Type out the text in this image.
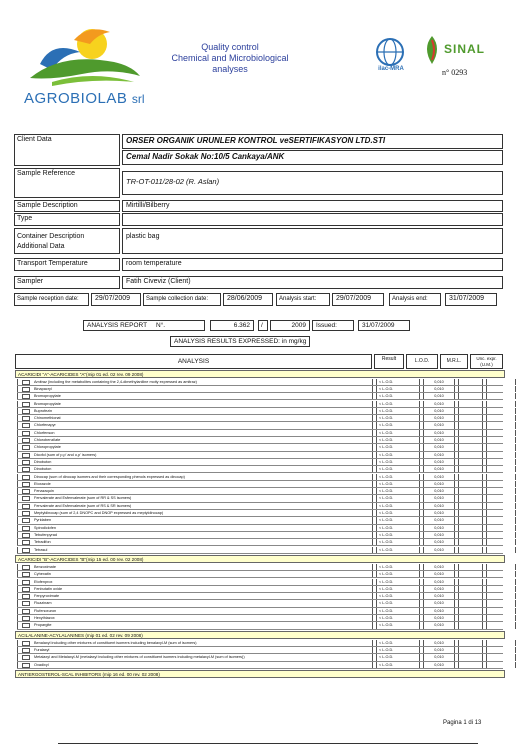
AGROBIOLAB srl
Quality control
Chemical and Microbiological
analyses	ilac-MRA
SINAL
n° 0293
Client Data	ORSER ORGANIK URUNLER KONTROL veSERTIFIKASYON LTD.STI
Cemal Nadir Sokak No:10/5 Cankaya/ANK
Sample Reference
TR-OT-011/28-02 (R. Aslan)
Sample Description	Mirtilli/Bilberry
Type
Container Description
Additional Data
plastic bag
Transport Temperature	room temperature
Sampler	Fatih Civeviz (Client)
Sample reception date:	29/07/2009	Sample collection date:	28/06/2009	Analysis start:	29/07/2009	Analysis end:	31/07/2009
ANALYSIS REPORT     N°.	6.362	/	2009	Issued:	31/07/2009
ANALYSIS RESULTS EXPRESSED: in mg/kg
ANALYSIS	Result	L.O.D.	M.R.L.	Unc. expr. (U.M.)
ACARICIDI "A"-ACARICIDES "A"(mip 01 ed. 02 rev. 09 2008)
Amitraz (including the metabolites containing the 2,4-dimethylaniline moity expressed as amitraz)	< L.O.D.	0,010
Binapacryl	< L.O.D.	0,010
Bromopropylate	< L.O.D.	0,010
Bromopropylate	< L.O.D.	0,010
Buprofezin	< L.O.D.	0,010
Chinomethionat	< L.O.D.	0,010
Chlorfenapyr	< L.O.D.	0,010
Chlorfenson	< L.O.D.	0,010
Chlorobenzilate	< L.O.D.	0,010
Chloropropylate	< L.O.D.	0,010
Dicofol (sum of p,p' and o,p' isomers)	< L.O.D.	0,010
Dinobuton	< L.O.D.	0,010
Dinobuton	< L.O.D.	0,010
Dinocap (sum of dinocap isomers and their corresponding phenols expressed as dinocap)	< L.O.D.	0,010
Etoxazole	< L.O.D.	0,010
Fenazaquin	< L.O.D.	0,010
Fenvalerate and Esfenvalerate (sum of RR & SS isomers)	< L.O.D.	0,010
Fenvalerate and Esfenvalerate (sum of RS & SR isomers)	< L.O.D.	0,010
Meptyldinocap (sum of 2,4 DNOPC and DNOP expressed as meptyldinocap)	< L.O.D.	0,010
Pyridaben	< L.O.D.	0,010
Spirodiclofen	< L.O.D.	0,010
Tebufenpyrad	< L.O.D.	0,010
Tetradifon	< L.O.D.	0,010
Tetrasul	< L.O.D.	0,010
ACARICIDI "B"-ACARICIDES "B"(mip 15 ed. 00 rev. 02 2008)
Benzoximate	< L.O.D.	0,010
Cyhexatin	< L.O.D.	0,010
Etofenprox	< L.O.D.	0,010
Fenbutatin oxide	< L.O.D.	0,010
Fenpyroximate	< L.O.D.	0,010
Fluazinam	< L.O.D.	0,010
Flufenoxuron	< L.O.D.	0,010
Hexythiazox	< L.O.D.	0,010
Propargite	< L.O.D.	0,010
ACILALANINE-ACYLALANINES (mip 01 ed. 02 rev. 09 2008)
Benalaxyl including other mixtures of constituent isomers including benalaxyl-M (sum of isomers)	< L.O.D.	0,010
Furalaxyl	< L.O.D.	0,010
Metalaxyl and Metalaxyl-M (metalaxyl including other mixtures of constituent isomers including metalaxyl-M (sum of isomers))	< L.O.D.	0,010
Oxadixyl	< L.O.D.	0,010
ANTIERGOSTEROL-SCAL INHIBITORS (mip 16 ed. 00 rev. 02 2008)
Pagina 1 di 13
